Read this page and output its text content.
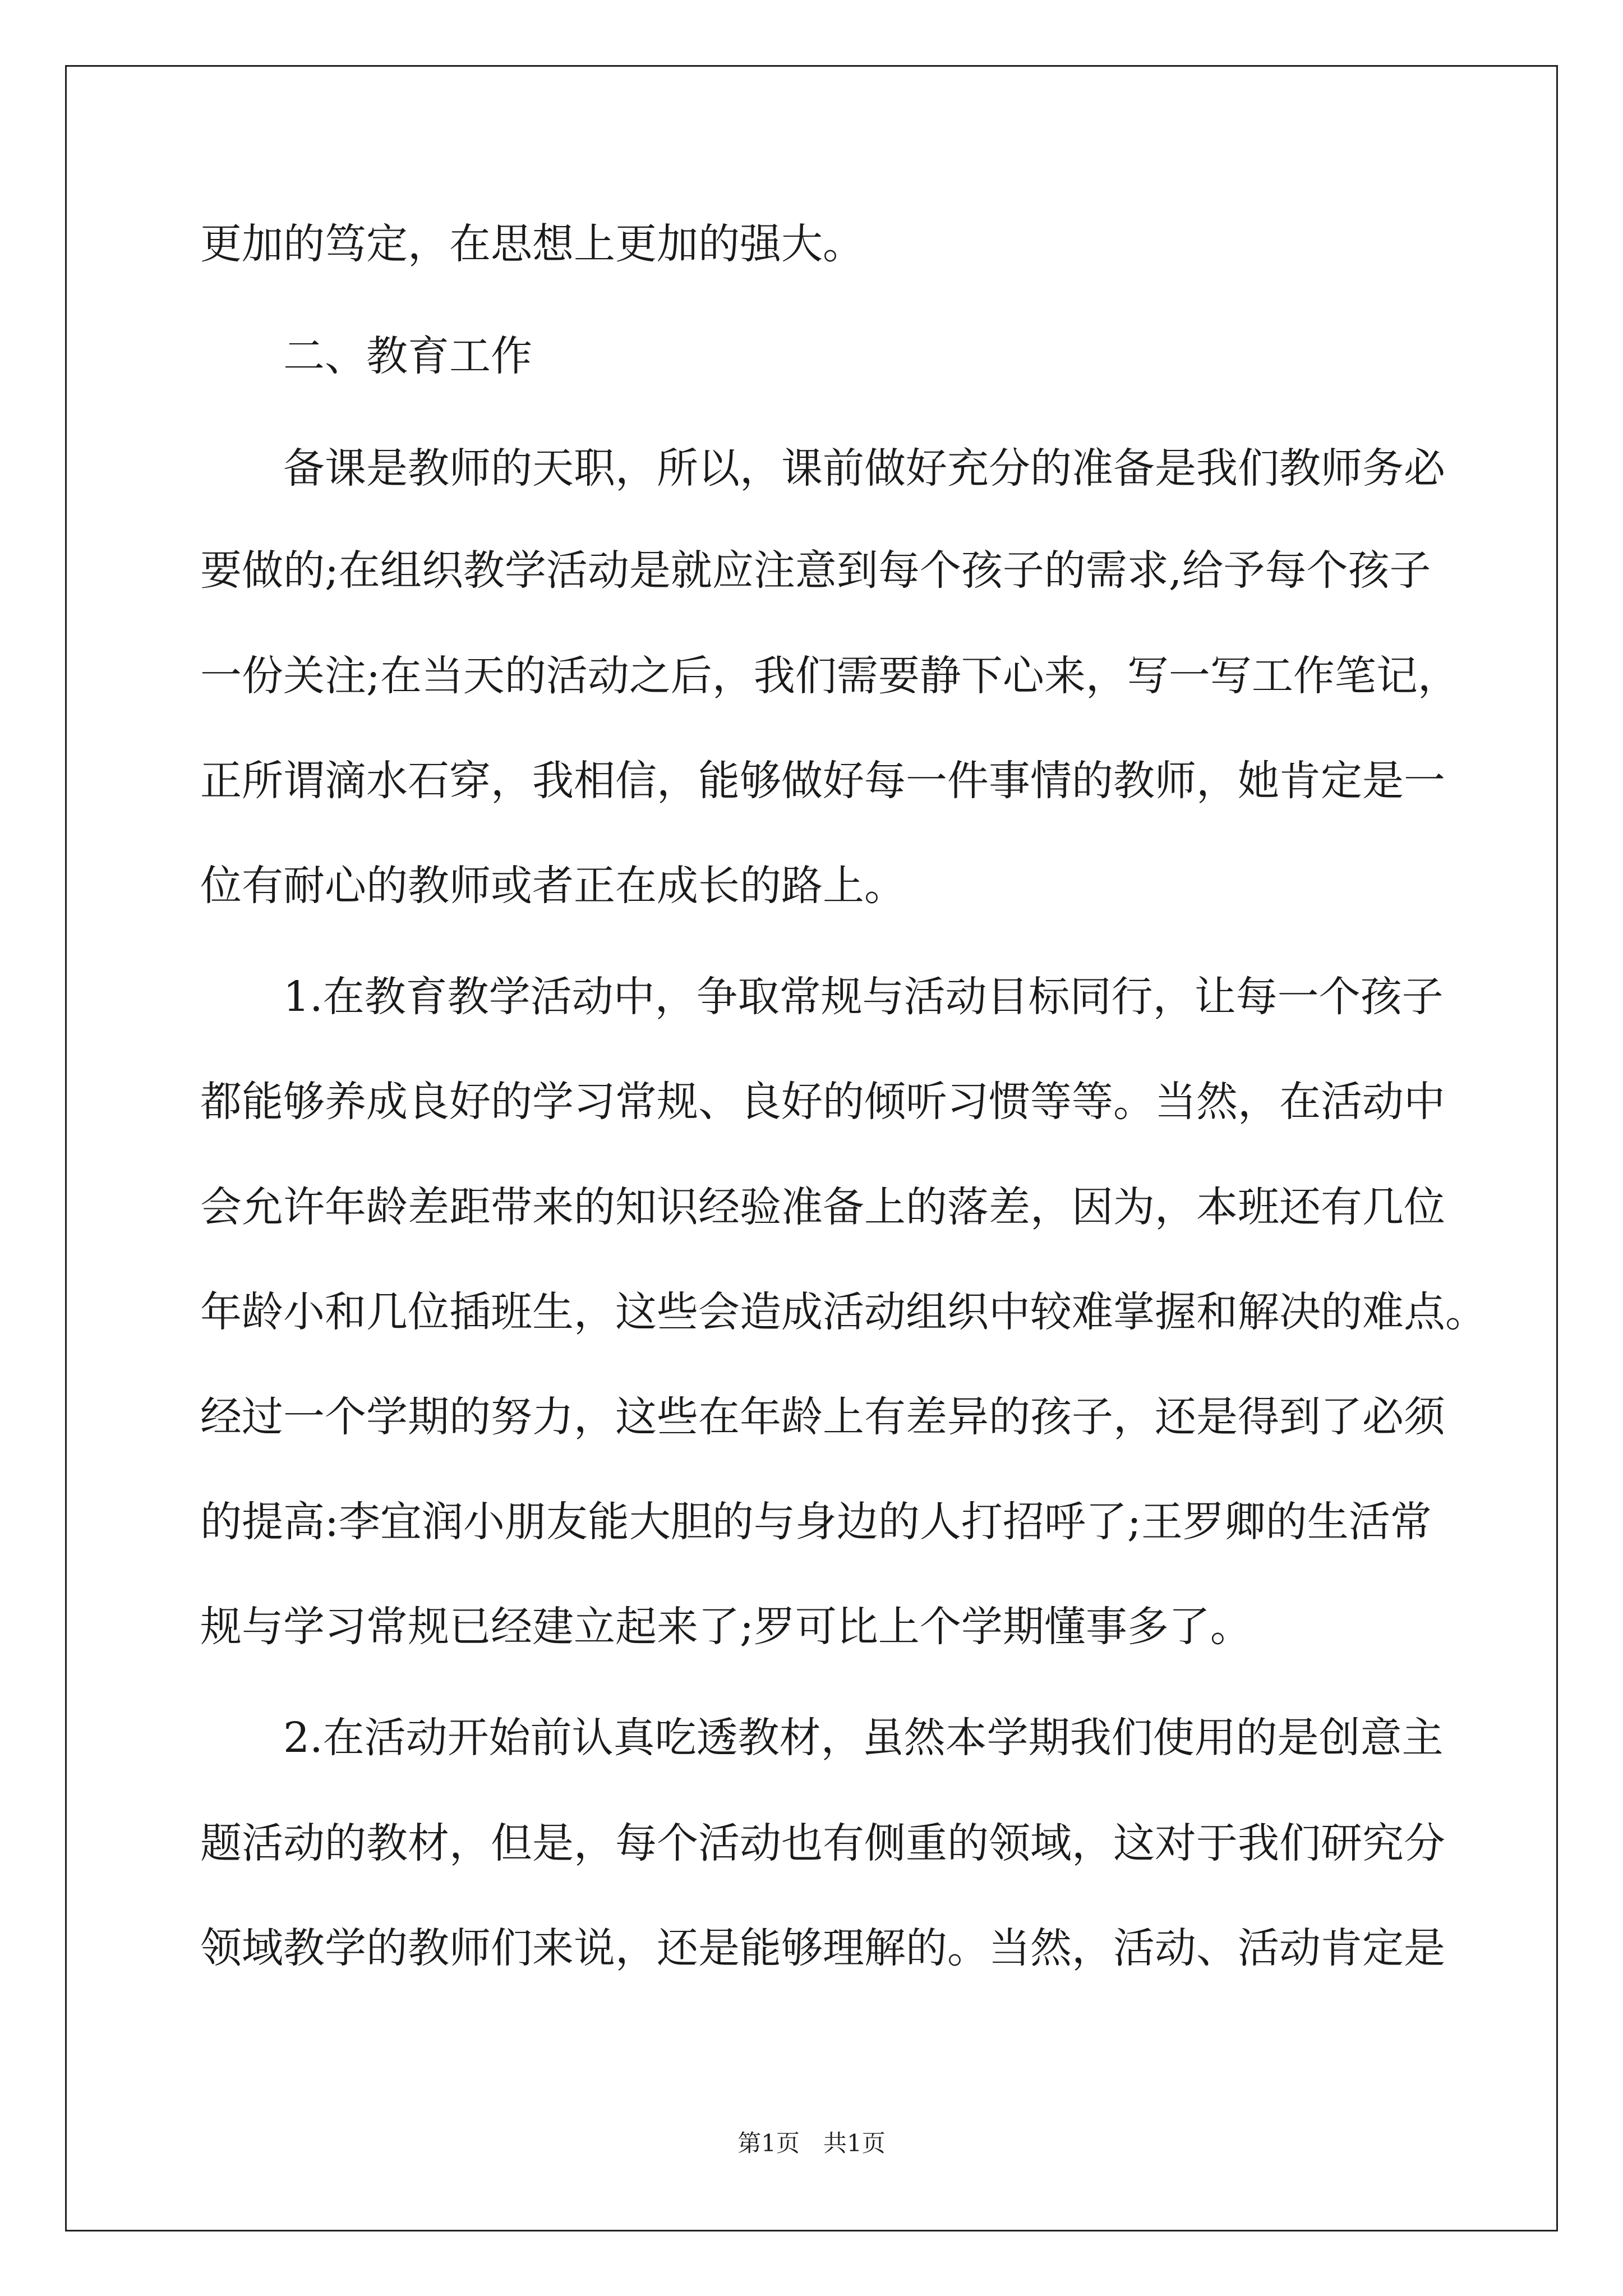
更加的笃定，在思想上更加的强大。
二、教育工作
备课是教师的天职，所以，课前做好充分的准备是我们教师务必
要做的;在组织教学活动是就应注意到每个孩子的需求,给予每个孩子
一份关注;在当天的活动之后，我们需要静下心来，写一写工作笔记，
正所谓滴水石穿，我相信，能够做好每一件事情的教师，她肯定是一
位有耐心的教师或者正在成长的路上。
1.在教育教学活动中，争取常规与活动目标同行，让每一个孩子
都能够养成良好的学习常规、良好的倾听习惯等等。当然，在活动中
会允许年龄差距带来的知识经验准备上的落差，因为，本班还有几位
年龄小和几位插班生，这些会造成活动组织中较难掌握和解决的难点。
经过一个学期的努力，这些在年龄上有差异的孩子，还是得到了必须
的提高:李宜润小朋友能大胆的与身边的人打招呼了;王罗卿的生活常
规与学习常规已经建立起来了;罗可比上个学期懂事多了。
2.在活动开始前认真吃透教材，虽然本学期我们使用的是创意主
题活动的教材，但是，每个活动也有侧重的领域，这对于我们研究分
领域教学的教师们来说，还是能够理解的。当然，活动、活动肯定是
第1页　共1页
